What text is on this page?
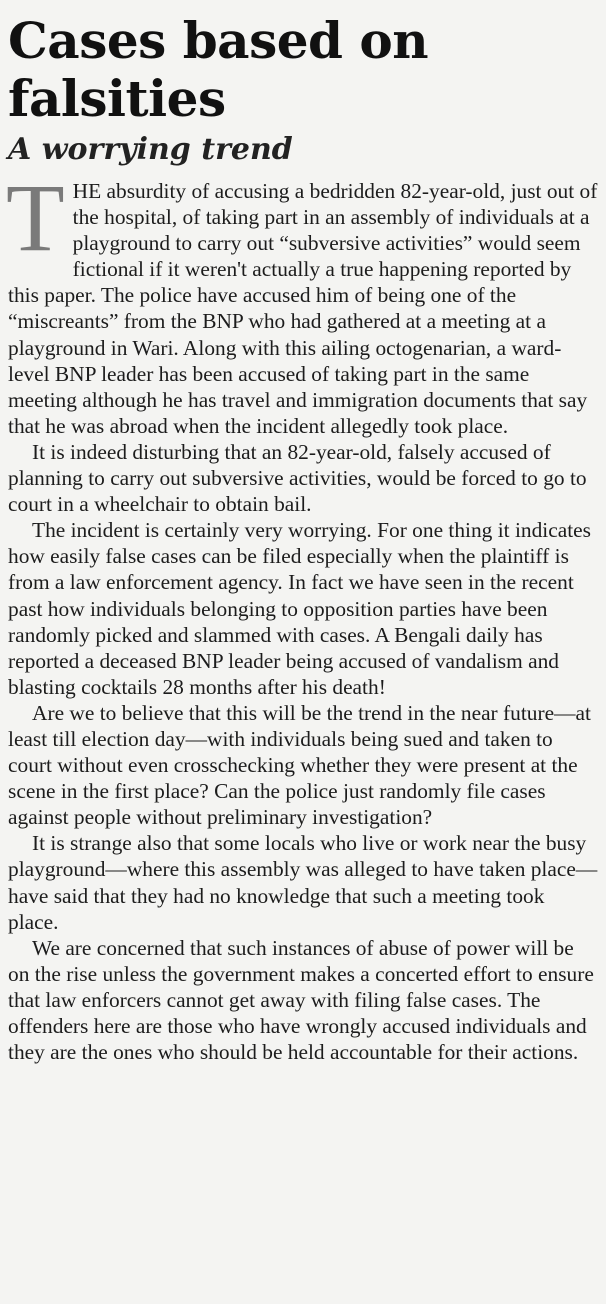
Cases based on falsities
A worrying trend

THE absurdity of accusing a bedridden 82-year-old, just out of the hospital, of taking part in an assembly of individuals at a playground to carry out “subversive activities” would seem fictional if it weren't actually a true happening reported by this paper. The police have accused him of being one of the “miscreants” from the BNP who had gathered at a meeting at a playground in Wari. Along with this ailing octogenarian, a ward-level BNP leader has been accused of taking part in the same meeting although he has travel and immigration documents that say that he was abroad when the incident allegedly took place.

It is indeed disturbing that an 82-year-old, falsely accused of planning to carry out subversive activities, would be forced to go to court in a wheelchair to obtain bail.

The incident is certainly very worrying. For one thing it indicates how easily false cases can be filed especially when the plaintiff is from a law enforcement agency. In fact we have seen in the recent past how individuals belonging to opposition parties have been randomly picked and slammed with cases. A Bengali daily has reported a deceased BNP leader being accused of vandalism and blasting cocktails 28 months after his death!

Are we to believe that this will be the trend in the near future—at least till election day—with individuals being sued and taken to court without even crosschecking whether they were present at the scene in the first place? Can the police just randomly file cases against people without preliminary investigation?

It is strange also that some locals who live or work near the busy playground—where this assembly was alleged to have taken place—have said that they had no knowledge that such a meeting took place.

We are concerned that such instances of abuse of power will be on the rise unless the government makes a concerted effort to ensure that law enforcers cannot get away with filing false cases. The offenders here are those who have wrongly accused individuals and they are the ones who should be held accountable for their actions.
